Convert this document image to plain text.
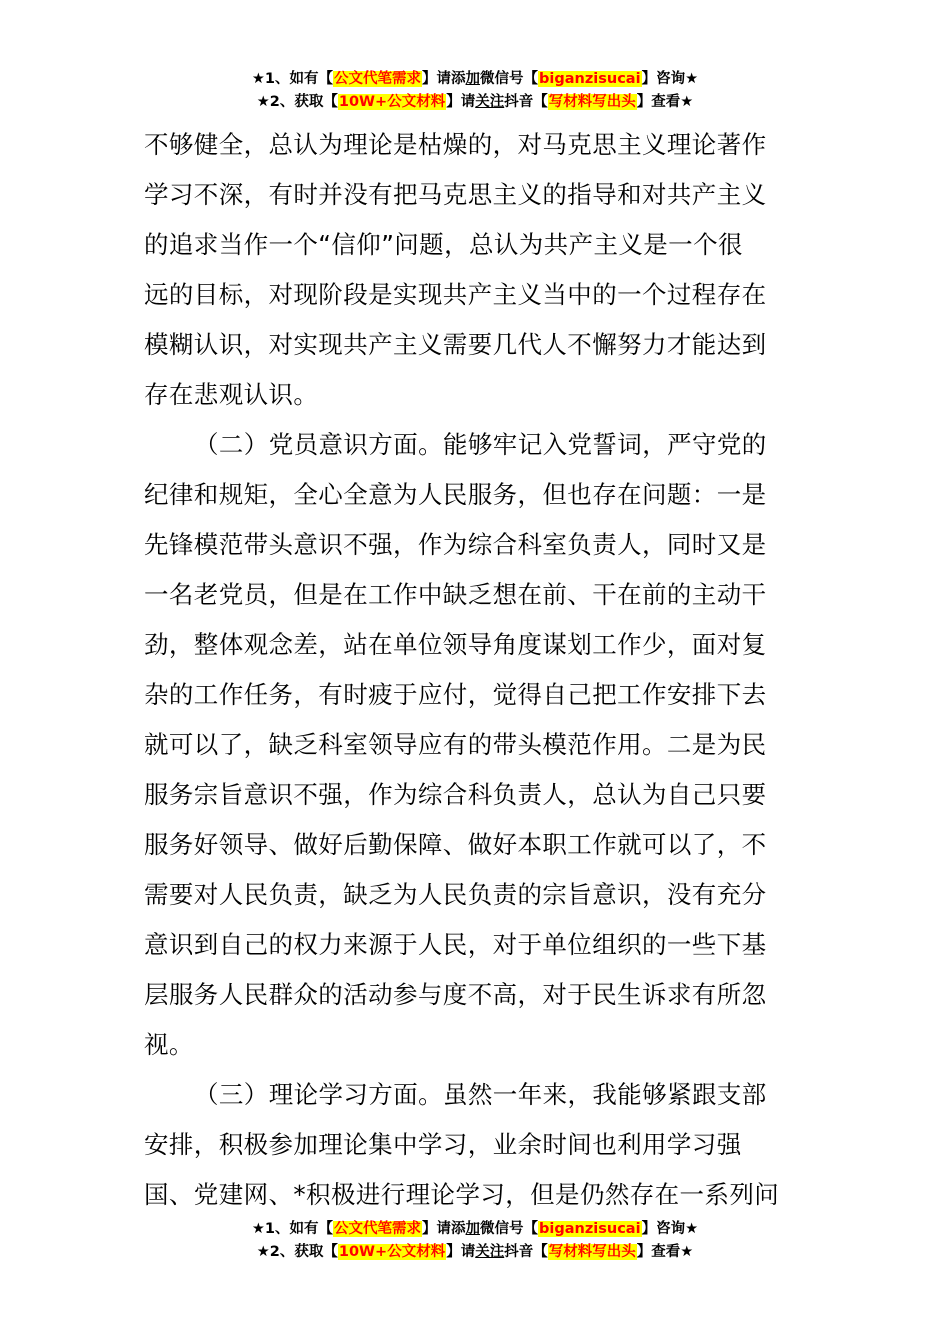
★1、如有【公文代笔需求】请添加微信号【biganzisucai】咨询★
★2、获取【10W+公文材料】请关注抖音【写材料写出头】查看★
不够健全，总认为理论是枯燥的，对马克思主义理论著作
学习不深，有时并没有把马克思主义的指导和对共产主义
的追求当作一个“信仰”问题，总认为共产主义是一个很
远的目标，对现阶段是实现共产主义当中的一个过程存在
模糊认识，对实现共产主义需要几代人不懈努力才能达到
存在悲观认识。
（二）党员意识方面。能够牢记入党誓词，严守党的
纪律和规矩，全心全意为人民服务，但也存在问题：一是
先锋模范带头意识不强，作为综合科室负责人，同时又是
一名老党员，但是在工作中缺乏想在前、干在前的主动干
劲，整体观念差，站在单位领导角度谋划工作少，面对复
杂的工作任务，有时疲于应付，觉得自己把工作安排下去
就可以了，缺乏科室领导应有的带头模范作用。二是为民
服务宗旨意识不强，作为综合科负责人，总认为自己只要
服务好领导、做好后勤保障、做好本职工作就可以了，不
需要对人民负责，缺乏为人民负责的宗旨意识，没有充分
意识到自己的权力来源于人民，对于单位组织的一些下基
层服务人民群众的活动参与度不高，对于民生诉求有所忽
视。
（三）理论学习方面。虽然一年来，我能够紧跟支部
安排，积极参加理论集中学习，业余时间也利用学习强
国、党建网、*积极进行理论学习，但是仍然存在一系列问
★1、如有【公文代笔需求】请添加微信号【biganzisucai】咨询★
★2、获取【10W+公文材料】请关注抖音【写材料写出头】查看★
